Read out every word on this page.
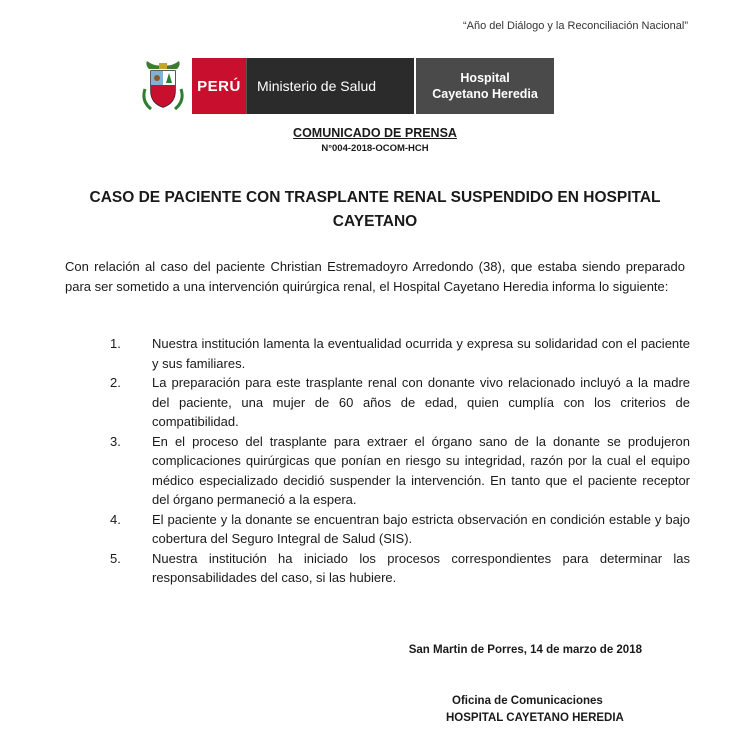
“Año del Diálogo y la Reconciliación Nacional”
PERÚ	Ministerio de Salud	Hospital
Cayetano Heredia
COMUNICADO DE PRENSA
N°004-2018-OCOM-HCH
CASO DE PACIENTE CON TRASPLANTE RENAL SUSPENDIDO EN HOSPITAL CAYETANO
Con relación al caso del paciente Christian Estremadoyro Arredondo (38), que estaba siendo preparado para ser sometido a una intervención quirúrgica renal, el Hospital Cayetano Heredia informa lo siguiente:
1.	Nuestra institución lamenta la eventualidad ocurrida y expresa su solidaridad con el paciente y sus familiares.
2.	La preparación para este trasplante renal con donante vivo relacionado incluyó a la madre del paciente, una mujer de 60 años de edad, quien cumplía con los criterios de compatibilidad.
3.	En el proceso del trasplante para extraer el órgano sano de la donante se produjeron complicaciones quirúrgicas que ponían en riesgo su integridad, razón por la cual el equipo médico especializado decidió suspender la intervención. En tanto que el paciente receptor del órgano permaneció a la espera.
4.	El paciente y la donante se encuentran bajo estricta observación en condición estable y bajo cobertura del Seguro Integral de Salud (SIS).
5.	Nuestra institución ha iniciado los procesos correspondientes para determinar las responsabilidades del caso, si las hubiere.
San Martin de Porres, 14 de marzo de 2018
Oficina de Comunicaciones
HOSPITAL CAYETANO HEREDIA
